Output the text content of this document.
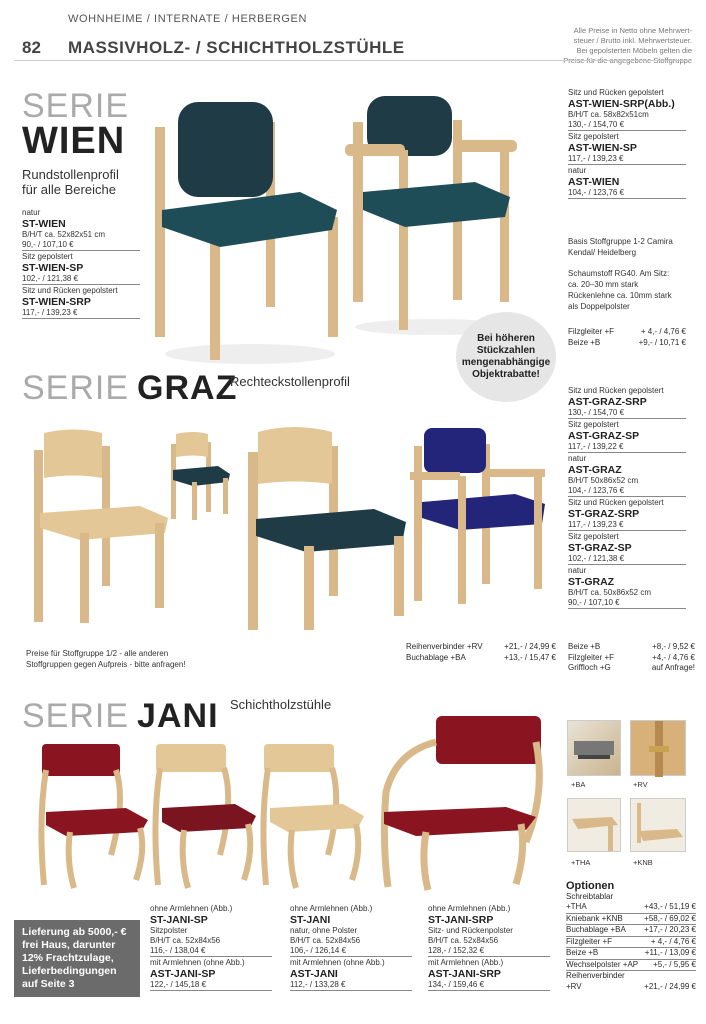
WOHNHEIME / INTERNATE / HERBERGEN
82 MASSIVHOLZ- / SCHICHTHOLZSTÜHLE
Alle Preise in Netto ohne Mehrwert-
steuer / Brutto inkl. Mehrwertsteuer.
Bei gepolsterten Möbeln gelten die
Preise für die angegebene Stoffgruppe
SERIE
WIEN
Rundstollenprofil
für alle Bereiche
natur
ST-WIEN
B/H/T ca. 52x82x51 cm
90,- / 107,10 €
Sitz gepolstert
ST-WIEN-SP
102,- / 121,38 €
Sitz und Rücken gepolstert
ST-WIEN-SRP
117,- / 139,23 €
Sitz und Rücken gepolstert
AST-WIEN-SRP(Abb.)
B/H/T ca. 58x82x51cm
130,- / 154,70 €
Sitz gepolstert
AST-WIEN-SP
117,- / 139,23 €
natur
AST-WIEN
104,- / 123,76 €
Basis Stoffgruppe 1-2 Camira
Kendal/ Heidelberg
Schaumstoff RG40. Am Sitz:
ca. 20–30 mm stark
Rückenlehne ca. 10mm stark
als Doppelpolster
Filzgleiter +F	+ 4,- / 4,76 €
Beize +B	+9,- / 10,71 €
Bei höheren
Stückzahlen
mengenabhängige
Objektrabatte!
SERIE GRAZ
Rechteckstollenprofil
Sitz und Rücken gepolstert
AST-GRAZ-SRP
130,- / 154,70 €
Sitz gepolstert
AST-GRAZ-SP
117,- / 139,22 €
natur
AST-GRAZ
B/H/T 50x86x52 cm
104,- / 123,76 €
Sitz und Rücken gepolstert
ST-GRAZ-SRP
117,- / 139,23 €
Sitz gepolstert
ST-GRAZ-SP
102,- / 121,38 €
natur
ST-GRAZ
B/H/T ca. 50x86x52 cm
90,- / 107,10 €
Preise für Stoffgruppe 1/2 - alle anderen
Stoffgruppen gegen Aufpreis - bitte anfragen!
Reihenverbinder +RV	+21,- / 24,99 €
Buchablage +BA	+13,- / 15,47 €
Beize +B	+8,- / 9,52 €
Filzgleiter +F	+4,- / 4,76 €
Griffloch +G	auf Anfrage!
SERIE JANI Schichtholzstühle
ohne Armlehnen (Abb.)
ST-JANI-SP
Sitzpolster
B/H/T ca. 52x84x56
116,- / 138,04 €
mit Armlehnen (ohne Abb.)
AST-JANI-SP
122,- / 145,18 €
ohne Armlehnen (Abb.)
ST-JANI
natur, ohne Polster
B/H/T ca. 52x84x56
106,- / 126,14 €
mit Armlehnen (ohne Abb.)
AST-JANI
112,- / 133,28 €
ohne Armlehnen (Abb.)
ST-JANI-SRP
Sitz- und Rückenpolster
B/H/T ca. 52x84x56
128,- / 152,32 €
mit Armlehnen (Abb.)
AST-JANI-SRP
134,- / 159,46 €
Lieferung ab 5000,- €
frei Haus, darunter
12% Frachtzulage,
Lieferbedingungen
auf Seite 3
+BA	+RV
+THA	+KNB
Optionen
Schreibtablar
+THA	+43,- / 51,19 €
Kniebank +KNB	+58,- / 69,02 €
Buchablage +BA +17,- / 20,23 €
Filzgleiter +F	+ 4,- / 4,76 €
Beize +B	+11,- / 13,09 €
Wechselpolster +AP +5,- / 5,95 €
Reihenverbinder
+RV	+21,- / 24,99 €
